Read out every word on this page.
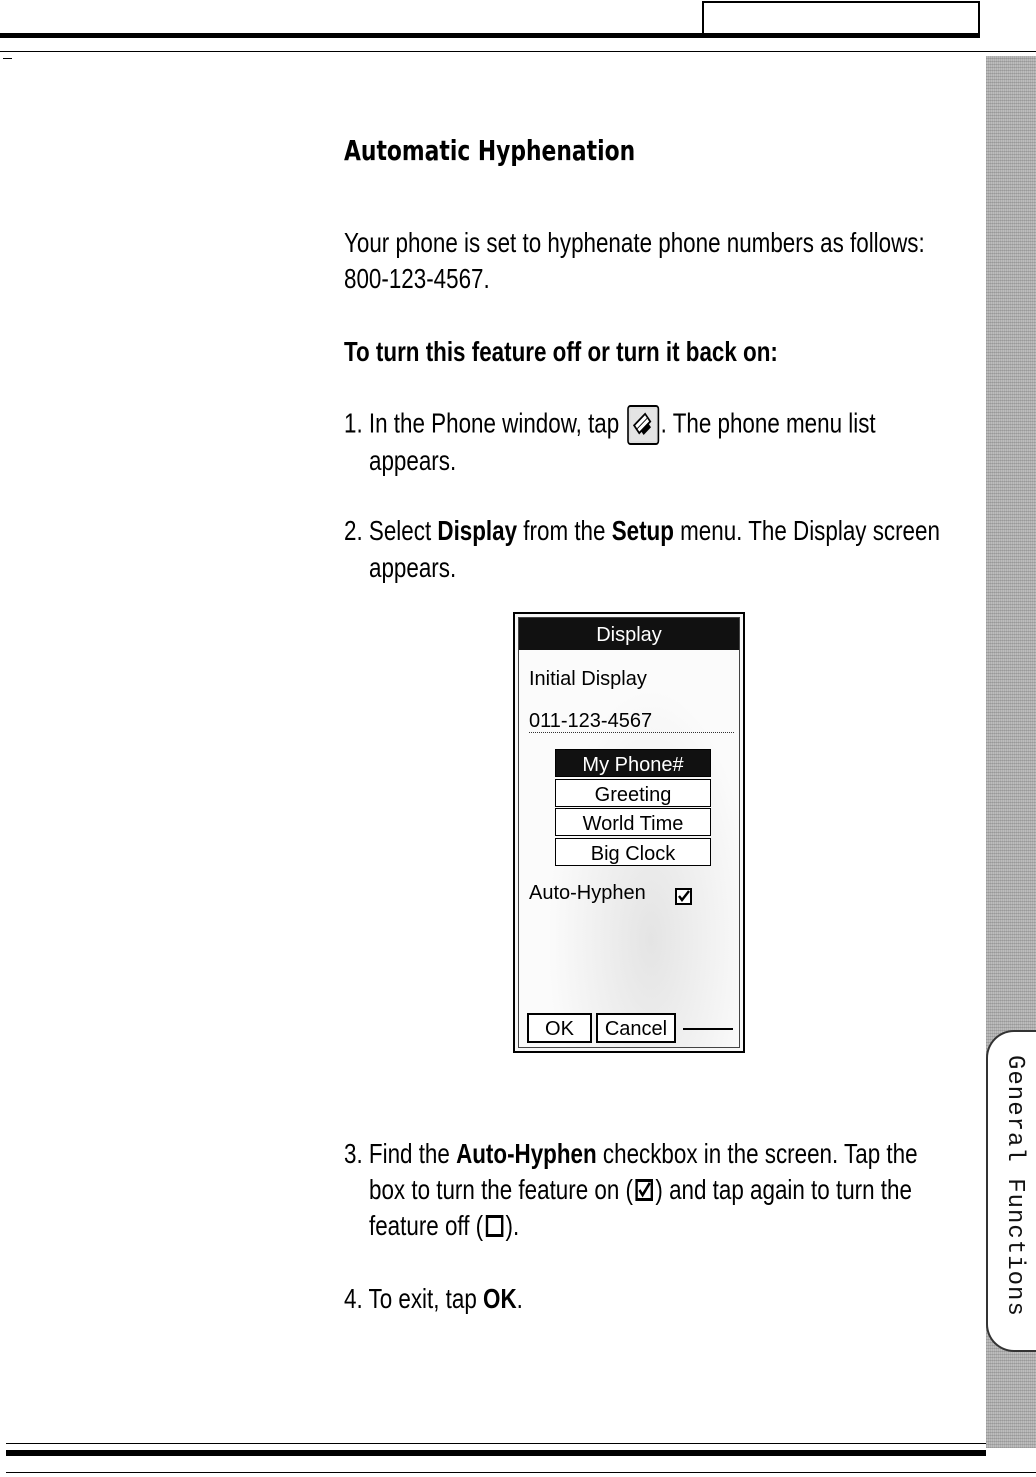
General Functions
Automatic Hyphenation

Your phone is set to hyphenate phone numbers as follows:

800-123-4567.

To turn this feature off or turn it back on:

1. In the Phone window, tap . The phone menu list

appears.

2. Select Display from the Setup menu. The Display screen

appears.

Display
Initial Display
011-123-4567
My Phone#
Greeting
World Time
Big Clock
Auto-Hyphen
OK	Cancel

3. Find the Auto-Hyphen checkbox in the screen. Tap the

box to turn the feature on ( ) and tap again to turn the

feature off ( ).

4. To exit, tap OK.
